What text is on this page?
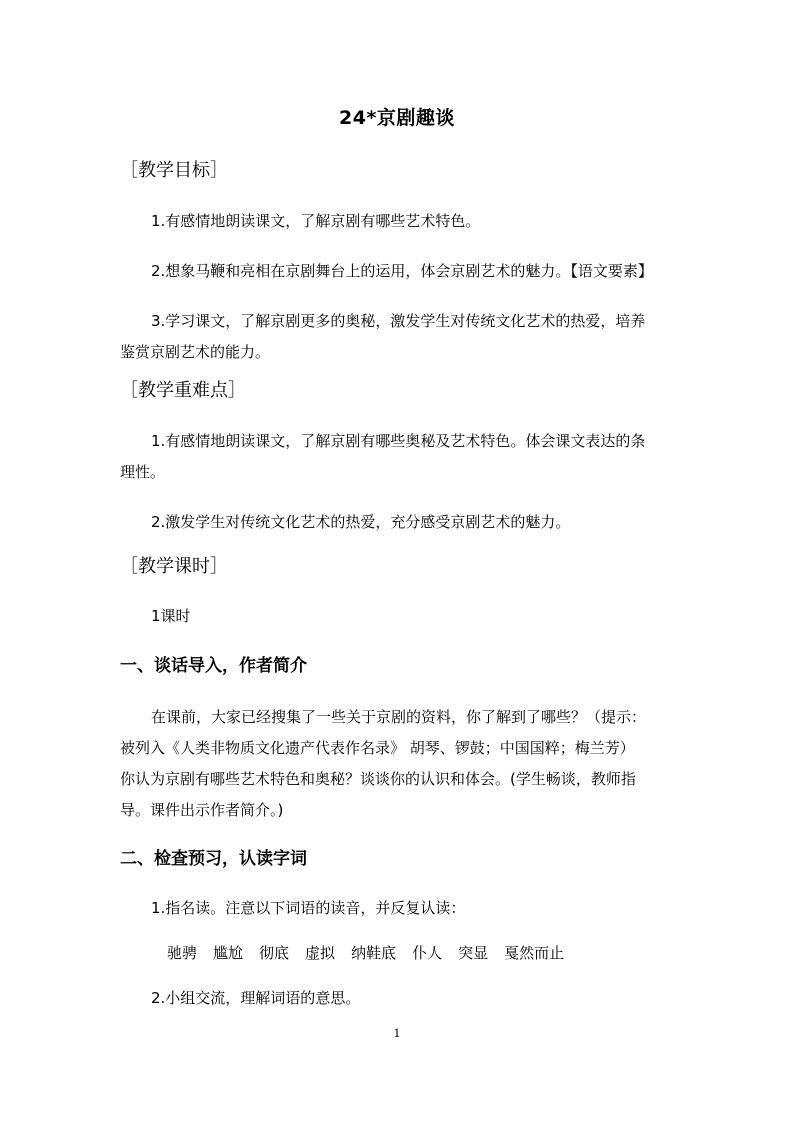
24*京剧趣谈
［教学目标］
1.有感情地朗读课文，了解京剧有哪些艺术特色。
2.想象马鞭和亮相在京剧舞台上的运用，体会京剧艺术的魅力。【语文要素】
3.学习课文，了解京剧更多的奥秘，激发学生对传统文化艺术的热爱，培养
鉴赏京剧艺术的能力。
［教学重难点］
1.有感情地朗读课文，了解京剧有哪些奥秘及艺术特色。体会课文表达的条
理性。
2.激发学生对传统文化艺术的热爱，充分感受京剧艺术的魅力。
［教学课时］
1课时
一、谈话导入，作者简介
在课前，大家已经搜集了一些关于京剧的资料，你了解到了哪些？（提示：
被列入《人类非物质文化遗产代表作名录》 胡琴、锣鼓；中国国粹；梅兰芳）
你认为京剧有哪些艺术特色和奥秘？谈谈你的认识和体会。(学生畅谈，教师指
导。课件出示作者简介。)
二、检查预习，认读字词
1.指名读。注意以下词语的读音，并反复认读：
驰骋 尴尬 彻底 虚拟 纳鞋底 仆人 突显 戛然而止
2.小组交流，理解词语的意思。
1
